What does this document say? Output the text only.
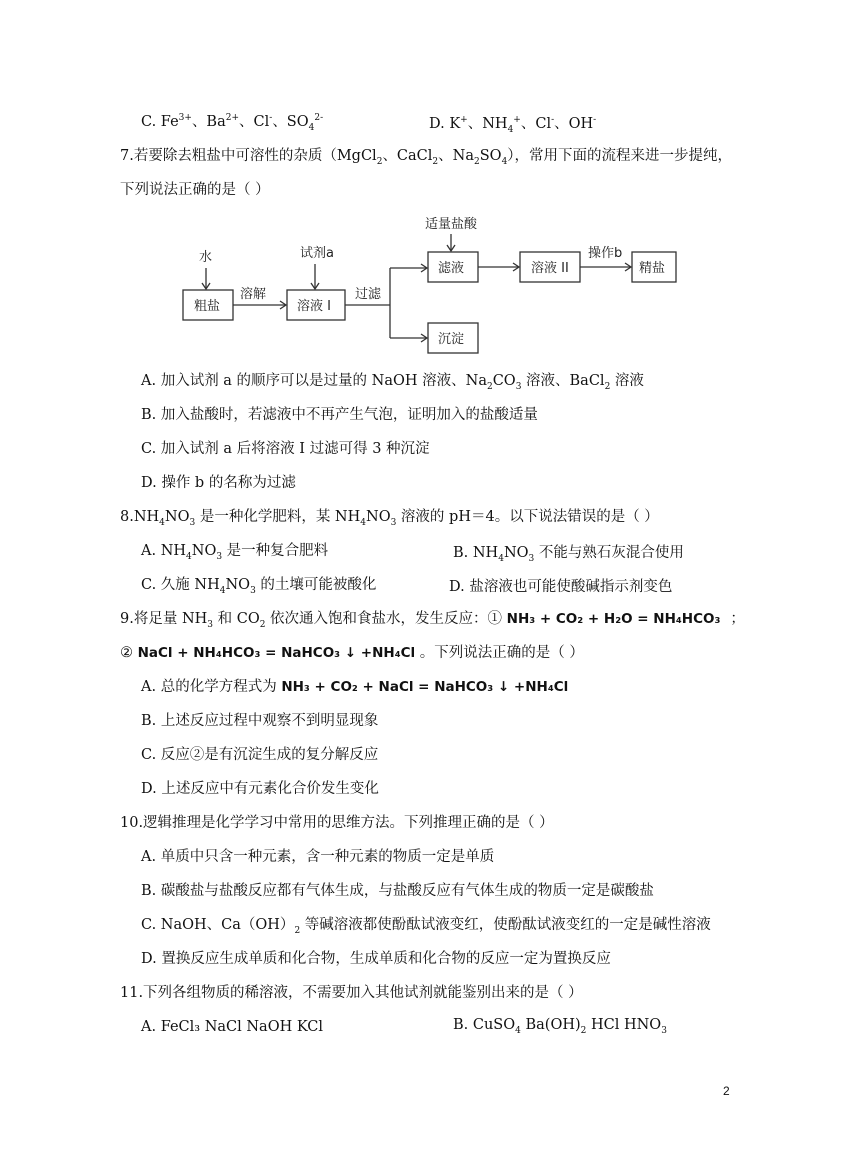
C. $Fe^{3+}$、$Ba^{2+}$、Cl-、$SO_4^{2-}$	D. K+、$NH_4^+$、Cl-、OH-
7.若要除去粗盐中可溶性的杂质（MgCl$_2$、CaCl$_2$、$Na_2SO_4$），常用下面的流程来进一步提纯，
下列说法正确的是（ ）
水
粗盐
溶解
试剂a
溶液 I
过滤
适量盐酸
滤液
沉淀
溶液 II
操作b
精盐
A. 加入试剂 a 的顺序可以是过量的 NaOH 溶液、$Na_2CO_3$ 溶液、BaCl$_2$ 溶液
B. 加入盐酸时，若滤液中不再产生气泡，证明加入的盐酸适量
C. 加入试剂 a 后将溶液 I 过滤可得 3 种沉淀
D. 操作 b 的名称为过滤
$8.NH_4NO_3$ 是一种化学肥料，某 $NH_4NO_3$ 溶液的 pH＝4。以下说法错误的是（ ）
A. $NH_4NO_3$ 是一种复合肥料	B. $NH_4NO_3$ 不能与熟石灰混合使用
C. 久施 $NH_4NO_3$ 的土壤可能被酸化	D. 盐溶液也可能使酸碱指示剂变色
9.将足量 $NH_3$ 和 $CO_2$ 依次通入饱和食盐水，发生反应：① NH₃ + CO₂ + H₂O = NH₄HCO₃ ；
② NaCl + NH₄HCO₃ = NaHCO₃ ↓ +NH₄Cl 。下列说法正确的是（ ）
A. 总的化学方程式为 NH₃ + CO₂ + NaCl = NaHCO₃ ↓ +NH₄Cl
B. 上述反应过程中观察不到明显现象
C. 反应②是有沉淀生成的复分解反应
D. 上述反应中有元素化合价发生变化
10.逻辑推理是化学学习中常用的思维方法。下列推理正确的是（ ）
A. 单质中只含一种元素，含一种元素的物质一定是单质
B. 碳酸盐与盐酸反应都有气体生成，与盐酸反应有气体生成的物质一定是碳酸盐
C. NaOH、$Ca(OH)_2$ 等碱溶液都使酚酞试液变红，使酚酞试液变红的一定是碱性溶液
D. 置换反应生成单质和化合物，生成单质和化合物的反应一定为置换反应
11.下列各组物质的稀溶液，不需要加入其他试剂就能鉴别出来的是（ ）
A. FeCl₃ NaCl NaOH KCl	B. CuSO$_4$ $Ba(OH)_2$ HCl $HNO_3$
2
